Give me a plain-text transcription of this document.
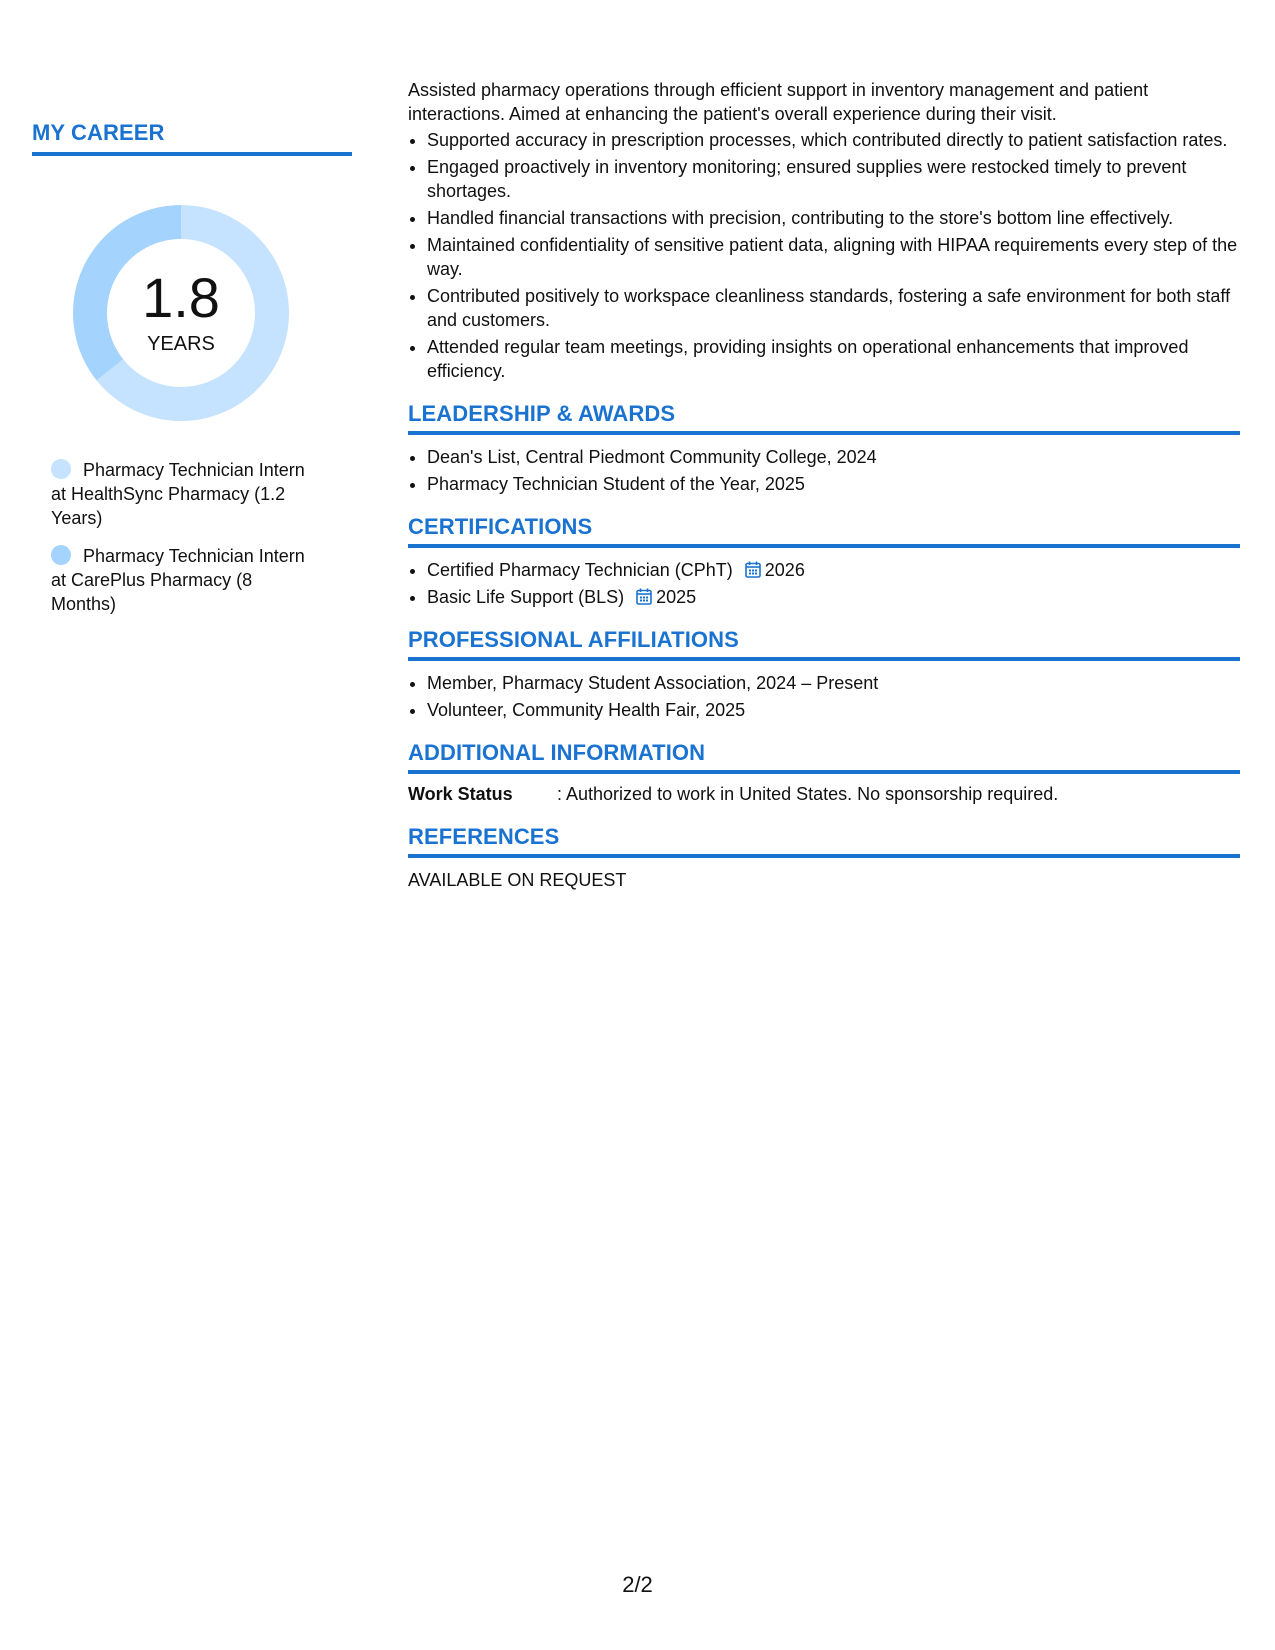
MY CAREER
1.8
YEARS
Pharmacy Technician Intern at HealthSync Pharmacy (1.2 Years)
Pharmacy Technician Intern at CarePlus Pharmacy (8 Months)

Assisted pharmacy operations through efficient support in inventory management and patient interactions. Aimed at enhancing the patient's overall experience during their visit.

• Supported accuracy in prescription processes, which contributed directly to patient satisfaction rates.
• Engaged proactively in inventory monitoring; ensured supplies were restocked timely to prevent shortages.
• Handled financial transactions with precision, contributing to the store's bottom line effectively.
• Maintained confidentiality of sensitive patient data, aligning with HIPAA requirements every step of the way.
• Contributed positively to workspace cleanliness standards, fostering a safe environment for both staff and customers.
• Attended regular team meetings, providing insights on operational enhancements that improved efficiency.
LEADERSHIP & AWARDS
• Dean's List, Central Piedmont Community College, 2024
• Pharmacy Technician Student of the Year, 2025
CERTIFICATIONS
• Certified Pharmacy Technician (CPhT) 2026
• Basic Life Support (BLS) 2025
PROFESSIONAL AFFILIATIONS
• Member, Pharmacy Student Association, 2024 – Present
• Volunteer, Community Health Fair, 2025
ADDITIONAL INFORMATION
Work Status : Authorized to work in United States. No sponsorship required.
REFERENCES
AVAILABLE ON REQUEST
2/2
